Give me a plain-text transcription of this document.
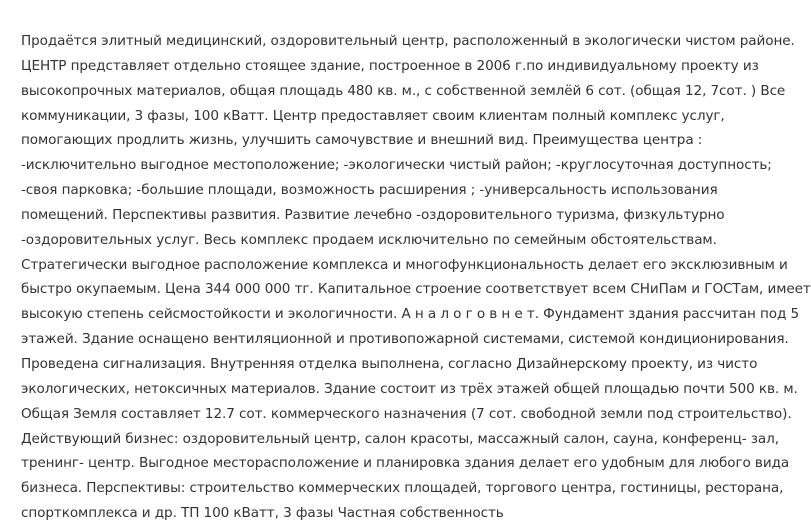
Продаётся элитный медицинский, оздоровительный центр, расположенный в экологически чистом районе.
ЦЕНТР представляет отдельно стоящее здание, построенное в 2006 г.по индивидуальному проекту из
высокопрочных материалов, общая площадь 480 кв. м., с собственной землёй 6 сот. (общая 12, 7сот. ) Все
коммуникации, 3 фазы, 100 кВатт. Центр предоставляет своим клиентам полный комплекс услуг,
помогающих продлить жизнь, улучшить самочувствие и внешний вид. Преимущества центра :
-исключительно выгодное местоположение; -экологически чистый район; -круглосуточная доступность;
-своя парковка; -большие площади, возможность расширения ; -универсальность использования
помещений. Перспективы развития. Развитие лечебно -оздоровительного туризма, физкультурно
-оздоровительных услуг. Весь комплекс продаем исключительно по семейным обстоятельствам.
Стратегически выгодное расположение комплекса и многофункциональность делает его эксклюзивным и
быстро окупаемым. Цена 344 000 000 тг. Капитальное строение соответствует всем СНиПам и ГОСТам, имеет
высокую степень сейсмостойкости и экологичности. А н а л о г о в н е т. Фундамент здания рассчитан под 5
этажей. Здание оснащено вентиляционной и противопожарной системами, системой кондиционирования.
Проведена сигнализация. Внутренняя отделка выполнена, согласно Дизайнерскому проекту, из чисто
экологических, нетоксичных материалов. Здание состоит из трёх этажей общей площадью почти 500 кв. м.
Общая Земля составляет 12.7 сот. коммерческого назначения (7 сот. свободной земли под строительство).
Действующий бизнес: оздоровительный центр, салон красоты, массажный салон, сауна, конференц- зал,
тренинг- центр. Выгодное месторасположение и планировка здания делает его удобным для любого вида
бизнеса. Перспективы: строительство коммерческих площадей, торгового центра, гостиницы, ресторана,
спорткомплекса и др. ТП 100 кВатт, 3 фазы Частная собственность
